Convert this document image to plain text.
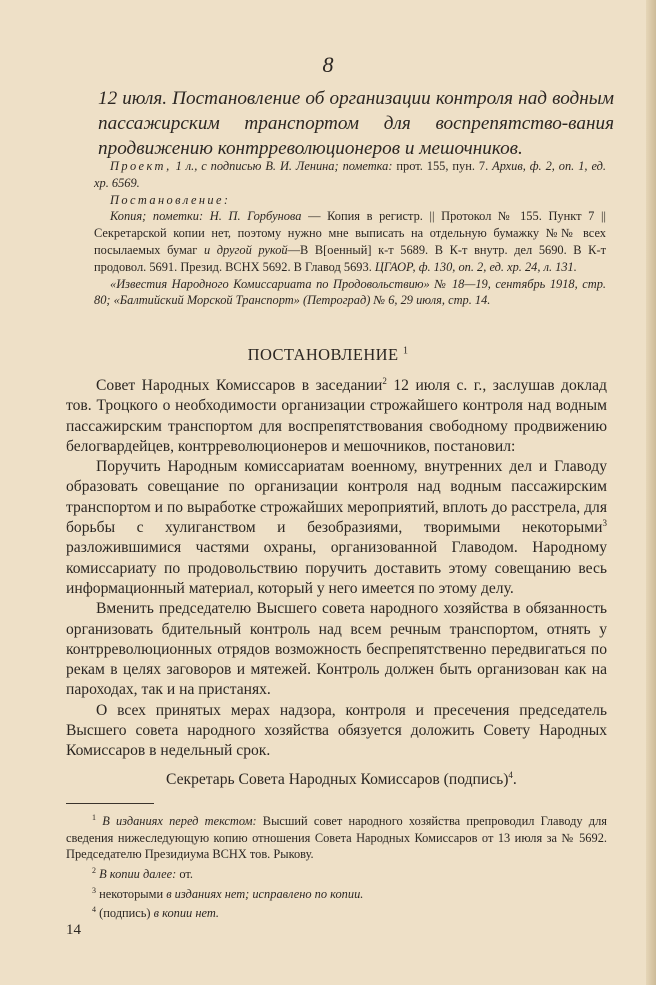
8
12 июля. Постановление об организации контроля над водным пассажирским транспортом для воспрепятство-вания продвижению контрреволюционеров и мешочников.

Проект, 1 л., с подписью В. И. Ленина; пометка: прот. 155, пун. 7. Архив, ф. 2, оп. 1, ед. хр. 6569.

Постановление:

Копия; пометки: Н. П. Горбунова — Копия в регистр. || Протокол № 155. Пункт 7 || Секретарской копии нет, поэтому нужно мне выписать на отдельную бумажку №№ всех посылаемых бумаг и другой рукой—В В[оенный] к-т 5689. В К-т внутр. дел 5690. В К-т продовол. 5691. Презид. ВСНХ 5692. В Главод 5693. ЦГАОР, ф. 130, оп. 2, ед. хр. 24, л. 131.

«Известия Народного Комиссариата по Продовольствию» № 18—19, сентябрь 1918, стр. 80; «Балтийский Морской Транспорт» (Петроград) № 6, 29 июля, стр. 14.

ПОСТАНОВЛЕНИЕ $^1$

Совет Народных Комиссаров в заседании$^2$ 12 июля с. г., заслушав доклад тов. Троцкого о необходимости организации строжайшего контроля над водным пассажирским транспортом для воспрепятствования свободному продвижению белогвардейцев, контрреволюционеров и мешочников, постановил:

Поручить Народным комиссариатам военному, внутренних дел и Главоду образовать совещание по организации контроля над водным пассажирским транспортом и по выработке строжайших мероприятий, вплоть до расстрела, для борьбы с хулиганством и безобразиями, творимыми некоторыми$^3$ разложившимися частями охраны, организованной Главодом. Народному комиссариату по продовольствию поручить доставить этому совещанию весь информационный материал, который у него имеется по этому делу.

Вменить председателю Высшего совета народного хозяйства в обязанность организовать бдительный контроль над всем речным транспортом, отнять у контрреволюционных отрядов возможность беспрепятственно передвигаться по рекам в целях заговоров и мятежей. Контроль должен быть организован как на пароходах, так и на пристанях.

О всех принятых мерах надзора, контроля и пресечения председатель Высшего совета народного хозяйства обязуется доложить Совету Народных Комиссаров в недельный срок.

Секретарь Совета Народных Комиссаров (подпись)$^4$.

$^1$ В изданиях перед текстом: Высший совет народного хозяйства препроводил Главоду для сведения нижеследующую копию отношения Совета Народных Комиссаров от 13 июля за № 5692. Председателю Президиума ВСНХ тов. Рыкову.

$^2$ В копии далее: от.

$^3$ некоторыми в изданиях нет; исправлено по копии.

$^4$ (подпись) в копии нет.

14
